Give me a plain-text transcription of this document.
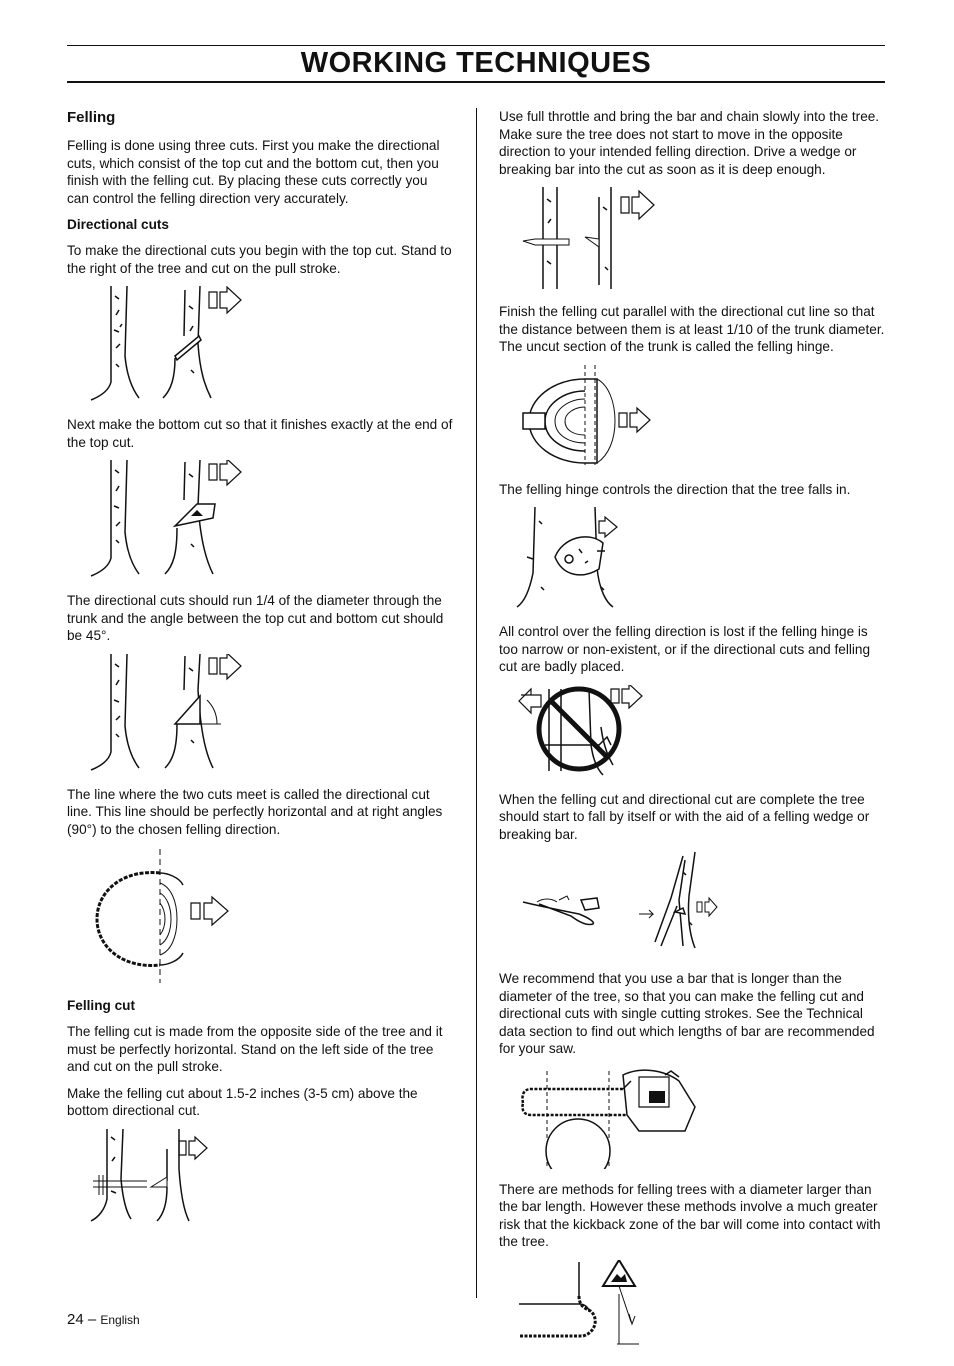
WORKING TECHNIQUES
Felling

Felling is done using three cuts. First you make the directional cuts, which consist of the top cut and the bottom cut, then you finish with the felling cut. By placing these cuts correctly you can control the felling direction very accurately.

Directional cuts

To make the directional cuts you begin with the top cut. Stand to the right of the tree and cut on the pull stroke.

Next make the bottom cut so that it finishes exactly at the end of the top cut.

The directional cuts should run 1/4 of the diameter through the trunk and the angle between the top cut and bottom cut should be 45°.

The line where the two cuts meet is called the directional cut line. This line should be perfectly horizontal and at right angles (90°) to the chosen felling direction.

Felling cut

The felling cut is made from the opposite side of the tree and it must be perfectly horizontal. Stand on the left side of the tree and cut on the pull stroke.

Make the felling cut about 1.5-2 inches (3-5 cm) above the bottom directional cut.

Use full throttle and bring the bar and chain slowly into the tree. Make sure the tree does not start to move in the opposite direction to your intended felling direction. Drive a wedge or breaking bar into the cut as soon as it is deep enough.

Finish the felling cut parallel with the directional cut line so that the distance between them is at least 1/10 of the trunk diameter. The uncut section of the trunk is called the felling hinge.

The felling hinge controls the direction that the tree falls in.

All control over the felling direction is lost if the felling hinge is too narrow or non-existent, or if the directional cuts and felling cut are badly placed.

When the felling cut and directional cut are complete the tree should start to fall by itself or with the aid of a felling wedge or breaking bar.

We recommend that you use a bar that is longer than the diameter of the tree, so that you can make the felling cut and directional cuts with single cutting strokes. See the Technical data section to find out which lengths of bar are recommended for your saw.

There are methods for felling trees with a diameter larger than the bar length. However these methods involve a much greater risk that the kickback zone of the bar will come into contact with the tree.

24 – English
